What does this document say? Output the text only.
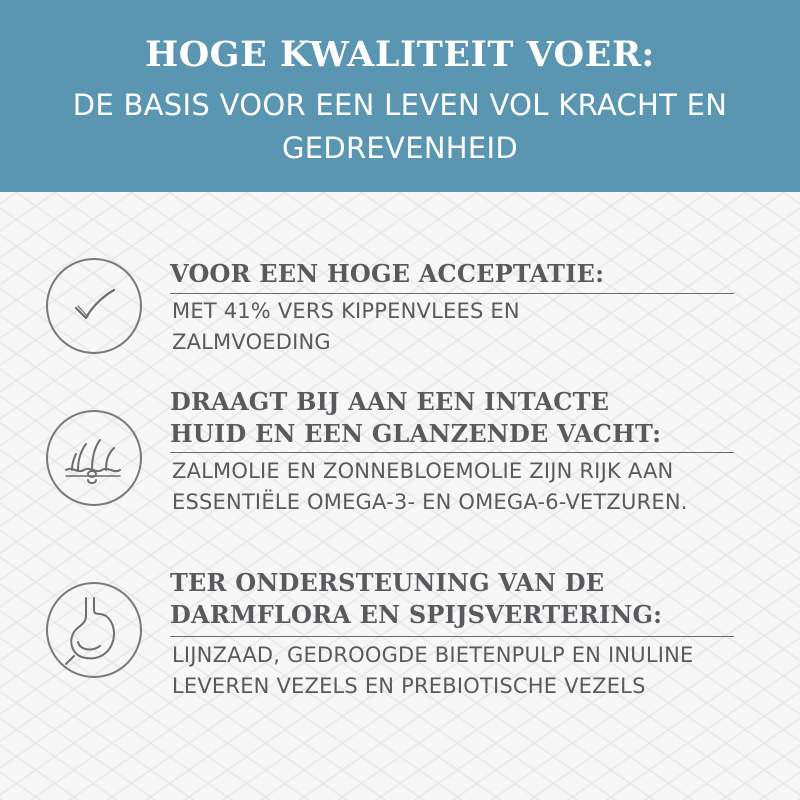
HOGE KWALITEIT VOER:
DE BASIS VOOR EEN LEVEN VOL KRACHT EN GEDREVENHEID
VOOR EEN HOGE ACCEPTATIE:
MET 41% VERS KIPPENVLEES EN ZALMVOEDING
DRAAGT BIJ AAN EEN INTACTE HUID EN EEN GLANZENDE VACHT:
ZALMOLIE EN ZONNEBLOEMOLIE ZIJN RIJK AAN ESSENTIËLE OMEGA-3- EN OMEGA-6-VETZUREN.
TER ONDERSTEUNING VAN DE DARMFLORA EN SPIJSVERTERING:
LIJNZAAD, GEDROOGDE BIETENPULP EN INULINE LEVEREN VEZELS EN PREBIOTISCHE VEZELS
